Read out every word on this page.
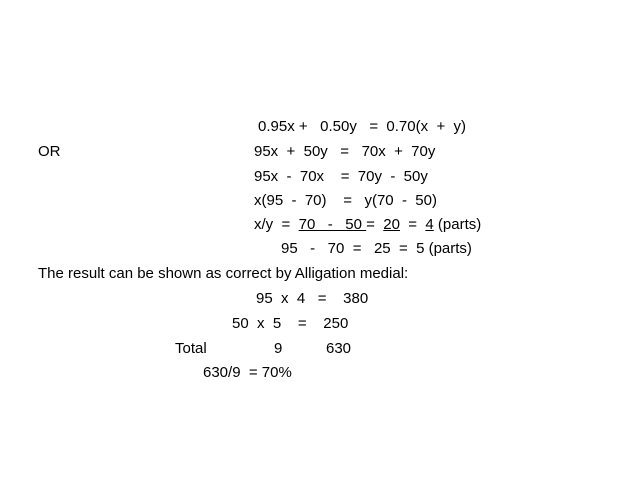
0.95x +   0.50y   =  0.70(x  +  y)
OR	95x  +  50y   =   70x  +  70y
95x  -  70x    =  70y  -  50y
x(95  -  70)    =   y(70  -  50)
x/y  =  70   -   50 =  20  =  4 (parts)
95   -   70  =   25  =  5 (parts)
The result can be shown as correct by Alligation medial:
95  x  4   =    380
50  x  5    =    250
Total	9	630
630/9  = 70%
